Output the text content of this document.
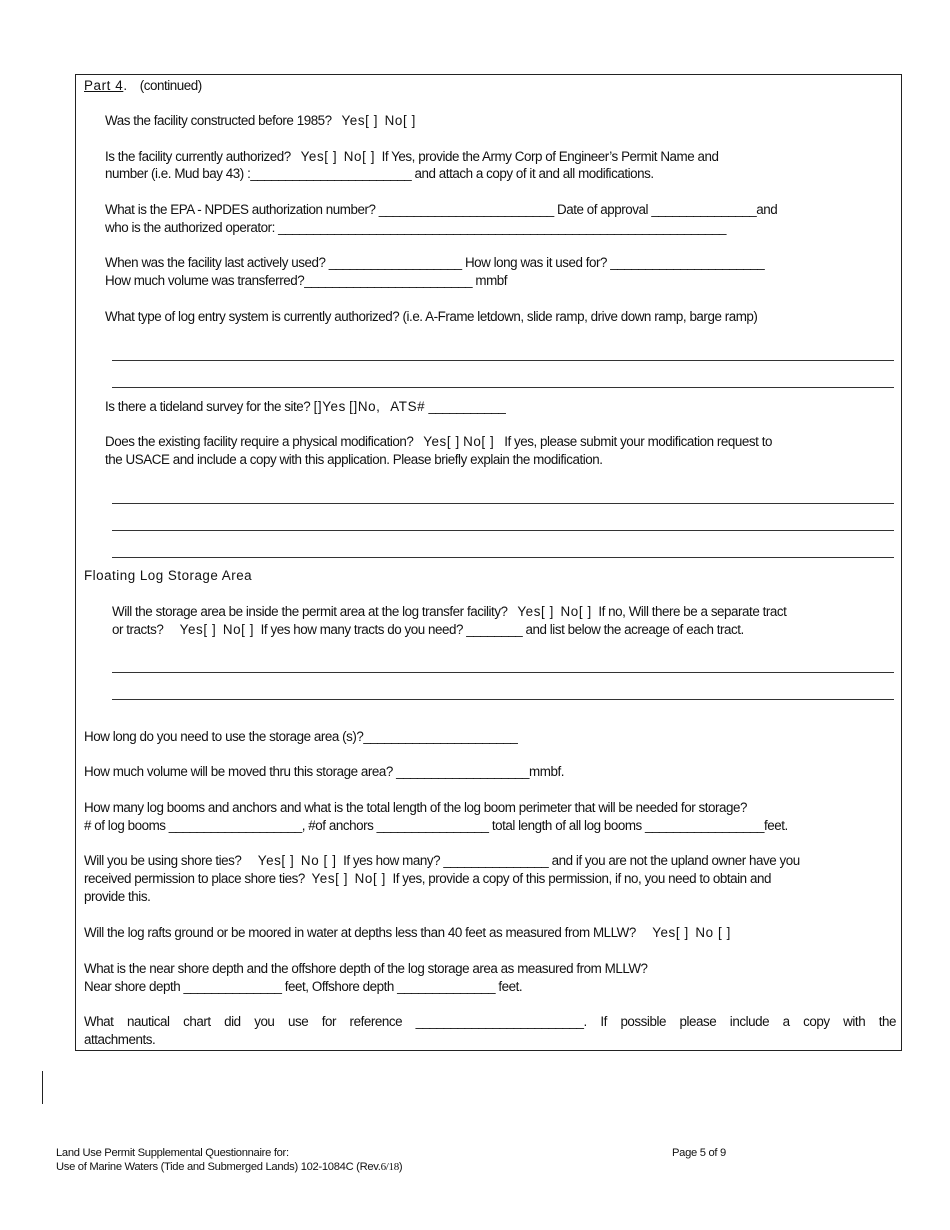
Part 4. (continued)
Was the facility constructed before 1985? Yes[ ] No[ ]
Is the facility currently authorized? Yes[ ] No[ ] If Yes, provide the Army Corp of Engineer’s Permit Name and
number (i.e. Mud bay 43) :_______________________ and attach a copy of it and all modifications.
What is the EPA - NPDES authorization number? _________________________ Date of approval _______________and
who is the authorized operator: ________________________________________________________________
When was the facility last actively used? ___________________ How long was it used for? ______________________
How much volume was transferred?________________________ mmbf
What type of log entry system is currently authorized? (i.e. A-Frame letdown, slide ramp, drive down ramp, barge ramp)
Is there a tideland survey for the site? []Yes []No, ATS# ___________
Does the existing facility require a physical modification? Yes[ ] No[ ] If yes, please submit your modification request to
the USACE and include a copy with this application. Please briefly explain the modification.
Floating Log Storage Area
Will the storage area be inside the permit area at the log transfer facility? Yes[ ] No[ ] If no, Will there be a separate tract
or tracts? Yes[ ] No[ ] If yes how many tracts do you need? ________ and list below the acreage of each tract.
How long do you need to use the storage area (s)?______________________
How much volume will be moved thru this storage area? ___________________mmbf.
How many log booms and anchors and what is the total length of the log boom perimeter that will be needed for storage?
# of log booms ___________________, #of anchors ________________ total length of all log booms _________________feet.
Will you be using shore ties? Yes[ ] No [ ] If yes how many? _______________ and if you are not the upland owner have you
received permission to place shore ties? Yes[ ] No[ ] If yes, provide a copy of this permission, if no, you need to obtain and
provide this.
Will the log rafts ground or be moored in water at depths less than 40 feet as measured from MLLW? Yes[ ] No [ ]
What is the near shore depth and the offshore depth of the log storage area as measured from MLLW?
Near shore depth ______________ feet, Offshore depth ______________ feet.
What nautical chart did you use for reference ________________________. If possible please include a copy with the
attachments.
Land Use Permit Supplemental Questionnaire for:
Use of Marine Waters (Tide and Submerged Lands) 102-1084C (Rev.6/18)
Page 5 of 9
